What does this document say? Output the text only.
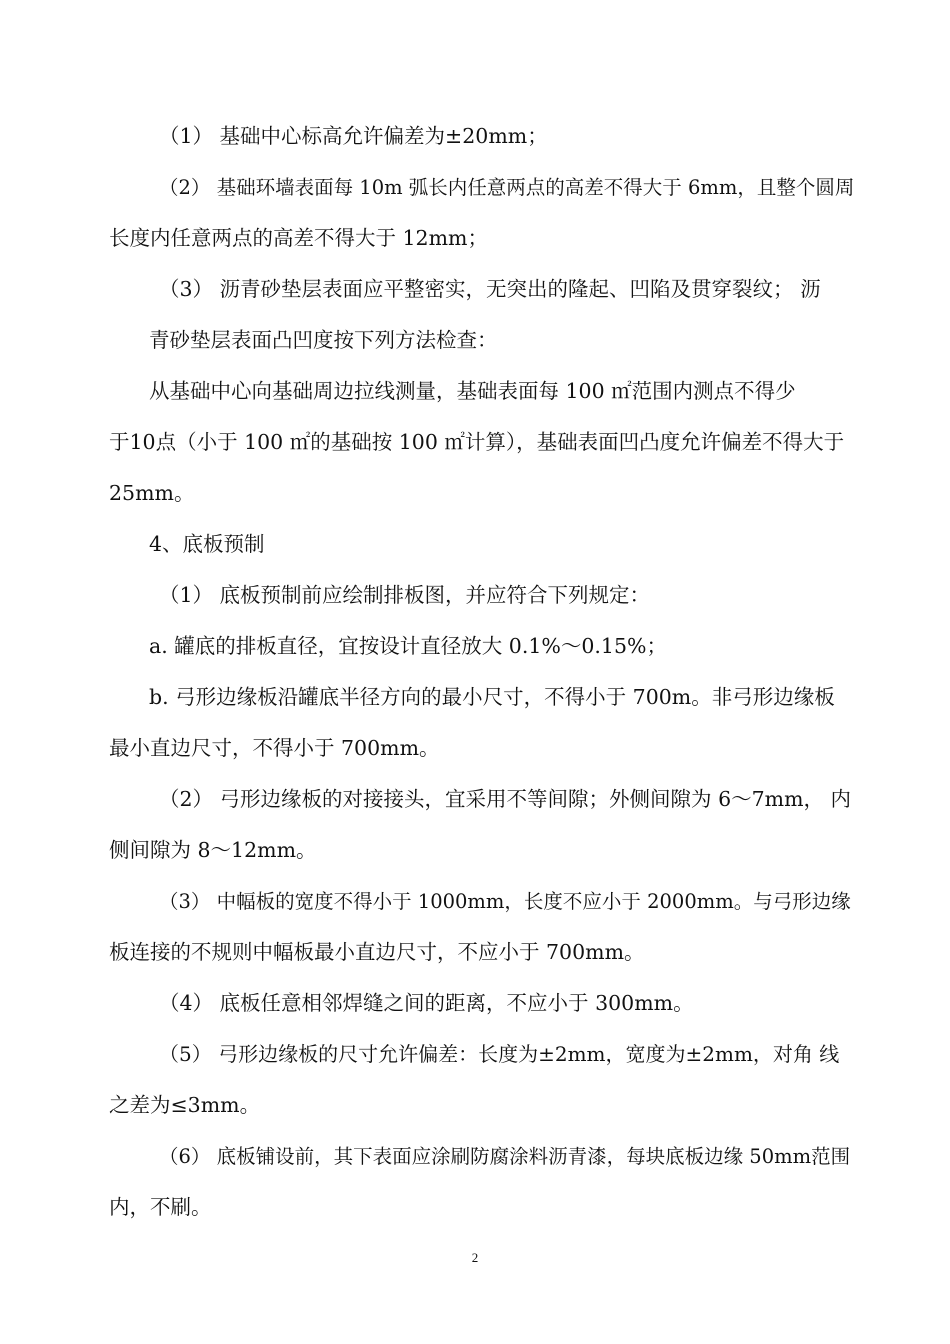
（1） 基础中心标高允许偏差为±20mm；

（2） 基础环墙表面每 10m 弧长内任意两点的高差不得大于 6mm，且整个圆周

长度内任意两点的高差不得大于 12mm；

（3） 沥青砂垫层表面应平整密实，无突出的隆起、凹陷及贯穿裂纹； 沥

青砂垫层表面凸凹度按下列方法检查：

从基础中心向基础周边拉线测量，基础表面每 100 ㎡范围内测点不得少

于10点（小于 100 ㎡的基础按 100 ㎡计算），基础表面凹凸度允许偏差不得大于

25mm。

4、底板预制

（1） 底板预制前应绘制排板图，并应符合下列规定：

a. 罐底的排板直径，宜按设计直径放大 0.1%～0.15%；

b. 弓形边缘板沿罐底半径方向的最小尺寸，不得小于 700m。非弓形边缘板

最小直边尺寸，不得小于 700mm。

（2） 弓形边缘板的对接接头，宜采用不等间隙；外侧间隙为 6～7mm， 内

侧间隙为 8～12mm。

（3） 中幅板的宽度不得小于 1000mm，长度不应小于 2000mm。与弓形边缘

板连接的不规则中幅板最小直边尺寸，不应小于 700mm。

（4） 底板任意相邻焊缝之间的距离，不应小于 300mm。

（5） 弓形边缘板的尺寸允许偏差：长度为±2mm，宽度为±2mm，对角 线

之差为≤3mm。

（6） 底板铺设前，其下表面应涂刷防腐涂料沥青漆，每块底板边缘 50mm范围

内，不刷。

2
